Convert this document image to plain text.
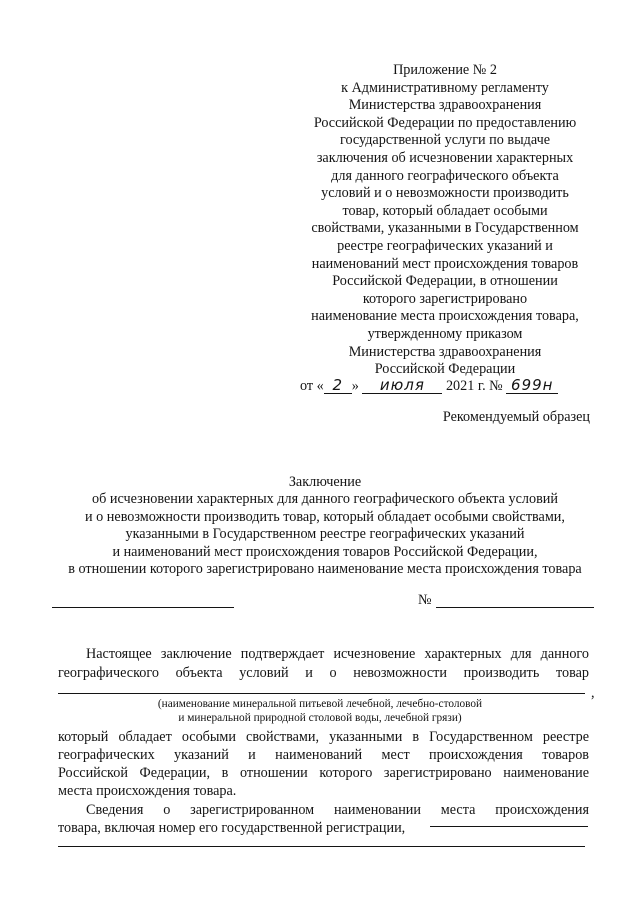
Приложение № 2
к Административному регламенту
Министерства здравоохранения
Российской Федерации по предоставлению
государственной услуги по выдаче
заключения об исчезновении характерных
для данного географического объекта
условий и о невозможности производить
товар, который обладает особыми
свойствами, указанными в Государственном
реестре географических указаний и
наименований мест происхождения товаров
Российской Федерации, в отношении
которого зарегистрировано
наименование места происхождения товара,
утвержденному приказом
Министерства здравоохранения
Российской Федерации
от « 2 » июля 2021 г. № 699н
Рекомендуемый образец
Заключение
об исчезновении характерных для данного географического объекта условий
и о невозможности производить товар, который обладает особыми свойствами,
указанными в Государственном реестре географических указаний
и наименований мест происхождения товаров Российской Федерации,
в отношении которого зарегистрировано наименование места происхождения товара
№
Настоящее заключение подтверждает исчезновение характерных для данного
географического объекта условий и о невозможности производить товар
,
(наименование минеральной питьевой лечебной, лечебно-столовой
и минеральной природной столовой воды, лечебной грязи)
который обладает особыми свойствами, указанными в Государственном реестре
географических указаний и наименований мест происхождения товаров
Российской Федерации, в отношении которого зарегистрировано наименование
места происхождения товара.
Сведения о зарегистрированном наименовании места происхождения
товара, включая номер его государственной регистрации,
